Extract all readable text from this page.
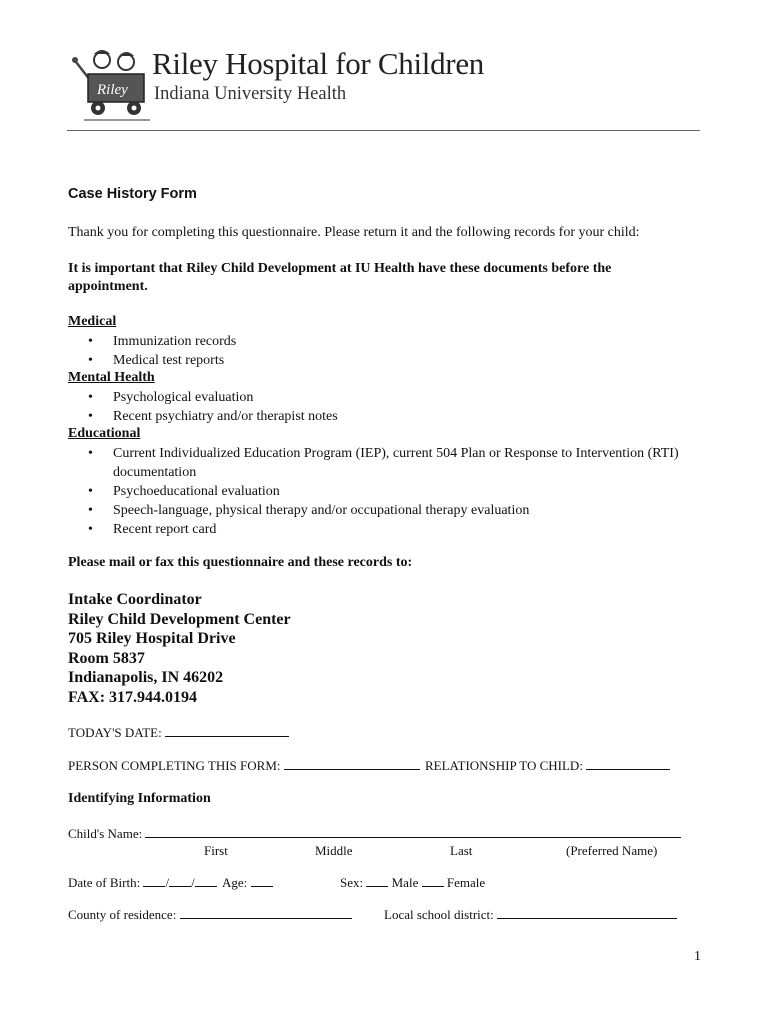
Riley
Riley Hospital for Children
Indiana University Health
Case History Form
Thank you for completing this questionnaire. Please return it and the following records for your child:
It is important that Riley Child Development at IU Health have these documents before the appointment.
Medical
• Immunization records
• Medical test reports
Mental Health
• Psychological evaluation
• Recent psychiatry and/or therapist notes
Educational
• Current Individualized Education Program (IEP), current 504 Plan or Response to Intervention (RTI) documentation
• Psychoeducational evaluation
• Speech-language, physical therapy and/or occupational therapy evaluation
• Recent report card
Please mail or fax this questionnaire and these records to:
Intake Coordinator
Riley Child Development Center
705 Riley Hospital Drive
Room 5837
Indianapolis, IN 46202
FAX: 317.944.0194
TODAY'S DATE:
PERSON COMPLETING THIS FORM:	RELATIONSHIP TO CHILD:
Identifying Information
Child's Name:
First	Middle	Last	(Preferred Name)
Date of Birth: / / Age:	Sex: Male Female
County of residence:	Local school district:
1
